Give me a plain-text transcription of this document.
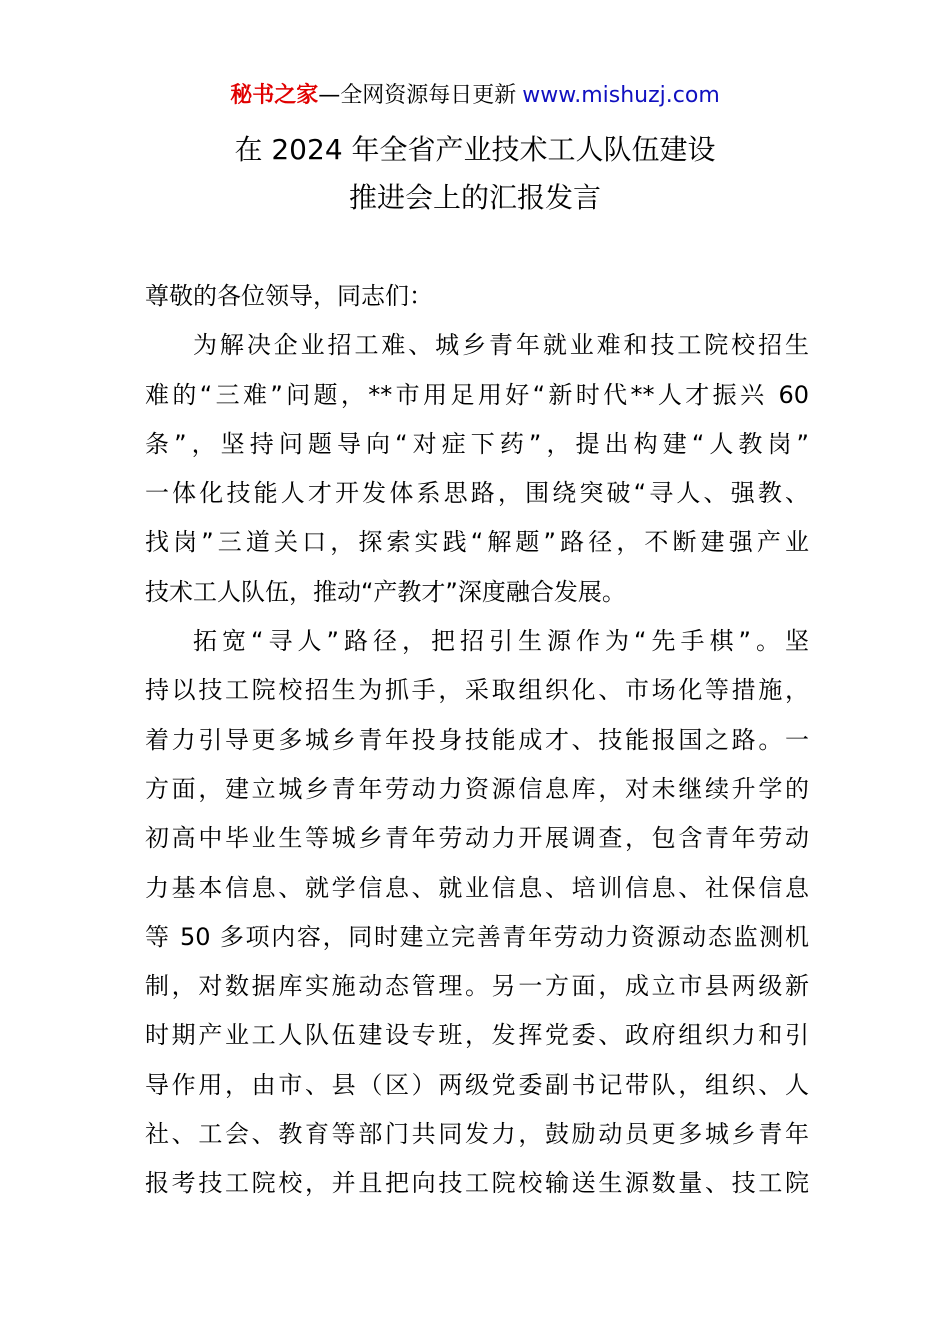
秘书之家—全网资源每日更新 www.mishuzj.com
在 2024 年全省产业技术工人队伍建设
推进会上的汇报发言
尊敬的各位领导，同志们：
为解决企业招工难、城乡青年就业难和技工院校招生
难的“三难”问题，**市用足用好“新时代**人才振兴 60
条”，坚持问题导向“对症下药”，提出构建“人教岗”
一体化技能人才开发体系思路，围绕突破“寻人、强教、
找岗”三道关口，探索实践“解题”路径，不断建强产业
技术工人队伍，推动“产教才”深度融合发展。
拓宽“寻人”路径，把招引生源作为“先手棋”。坚
持以技工院校招生为抓手，采取组织化、市场化等措施，
着力引导更多城乡青年投身技能成才、技能报国之路。一
方面，建立城乡青年劳动力资源信息库，对未继续升学的
初高中毕业生等城乡青年劳动力开展调查，包含青年劳动
力基本信息、就学信息、就业信息、培训信息、社保信息
等 50 多项内容，同时建立完善青年劳动力资源动态监测机
制，对数据库实施动态管理。另一方面，成立市县两级新
时期产业工人队伍建设专班，发挥党委、政府组织力和引
导作用，由市、县（区）两级党委副书记带队，组织、人
社、工会、教育等部门共同发力，鼓励动员更多城乡青年
报考技工院校，并且把向技工院校输送生源数量、技工院
